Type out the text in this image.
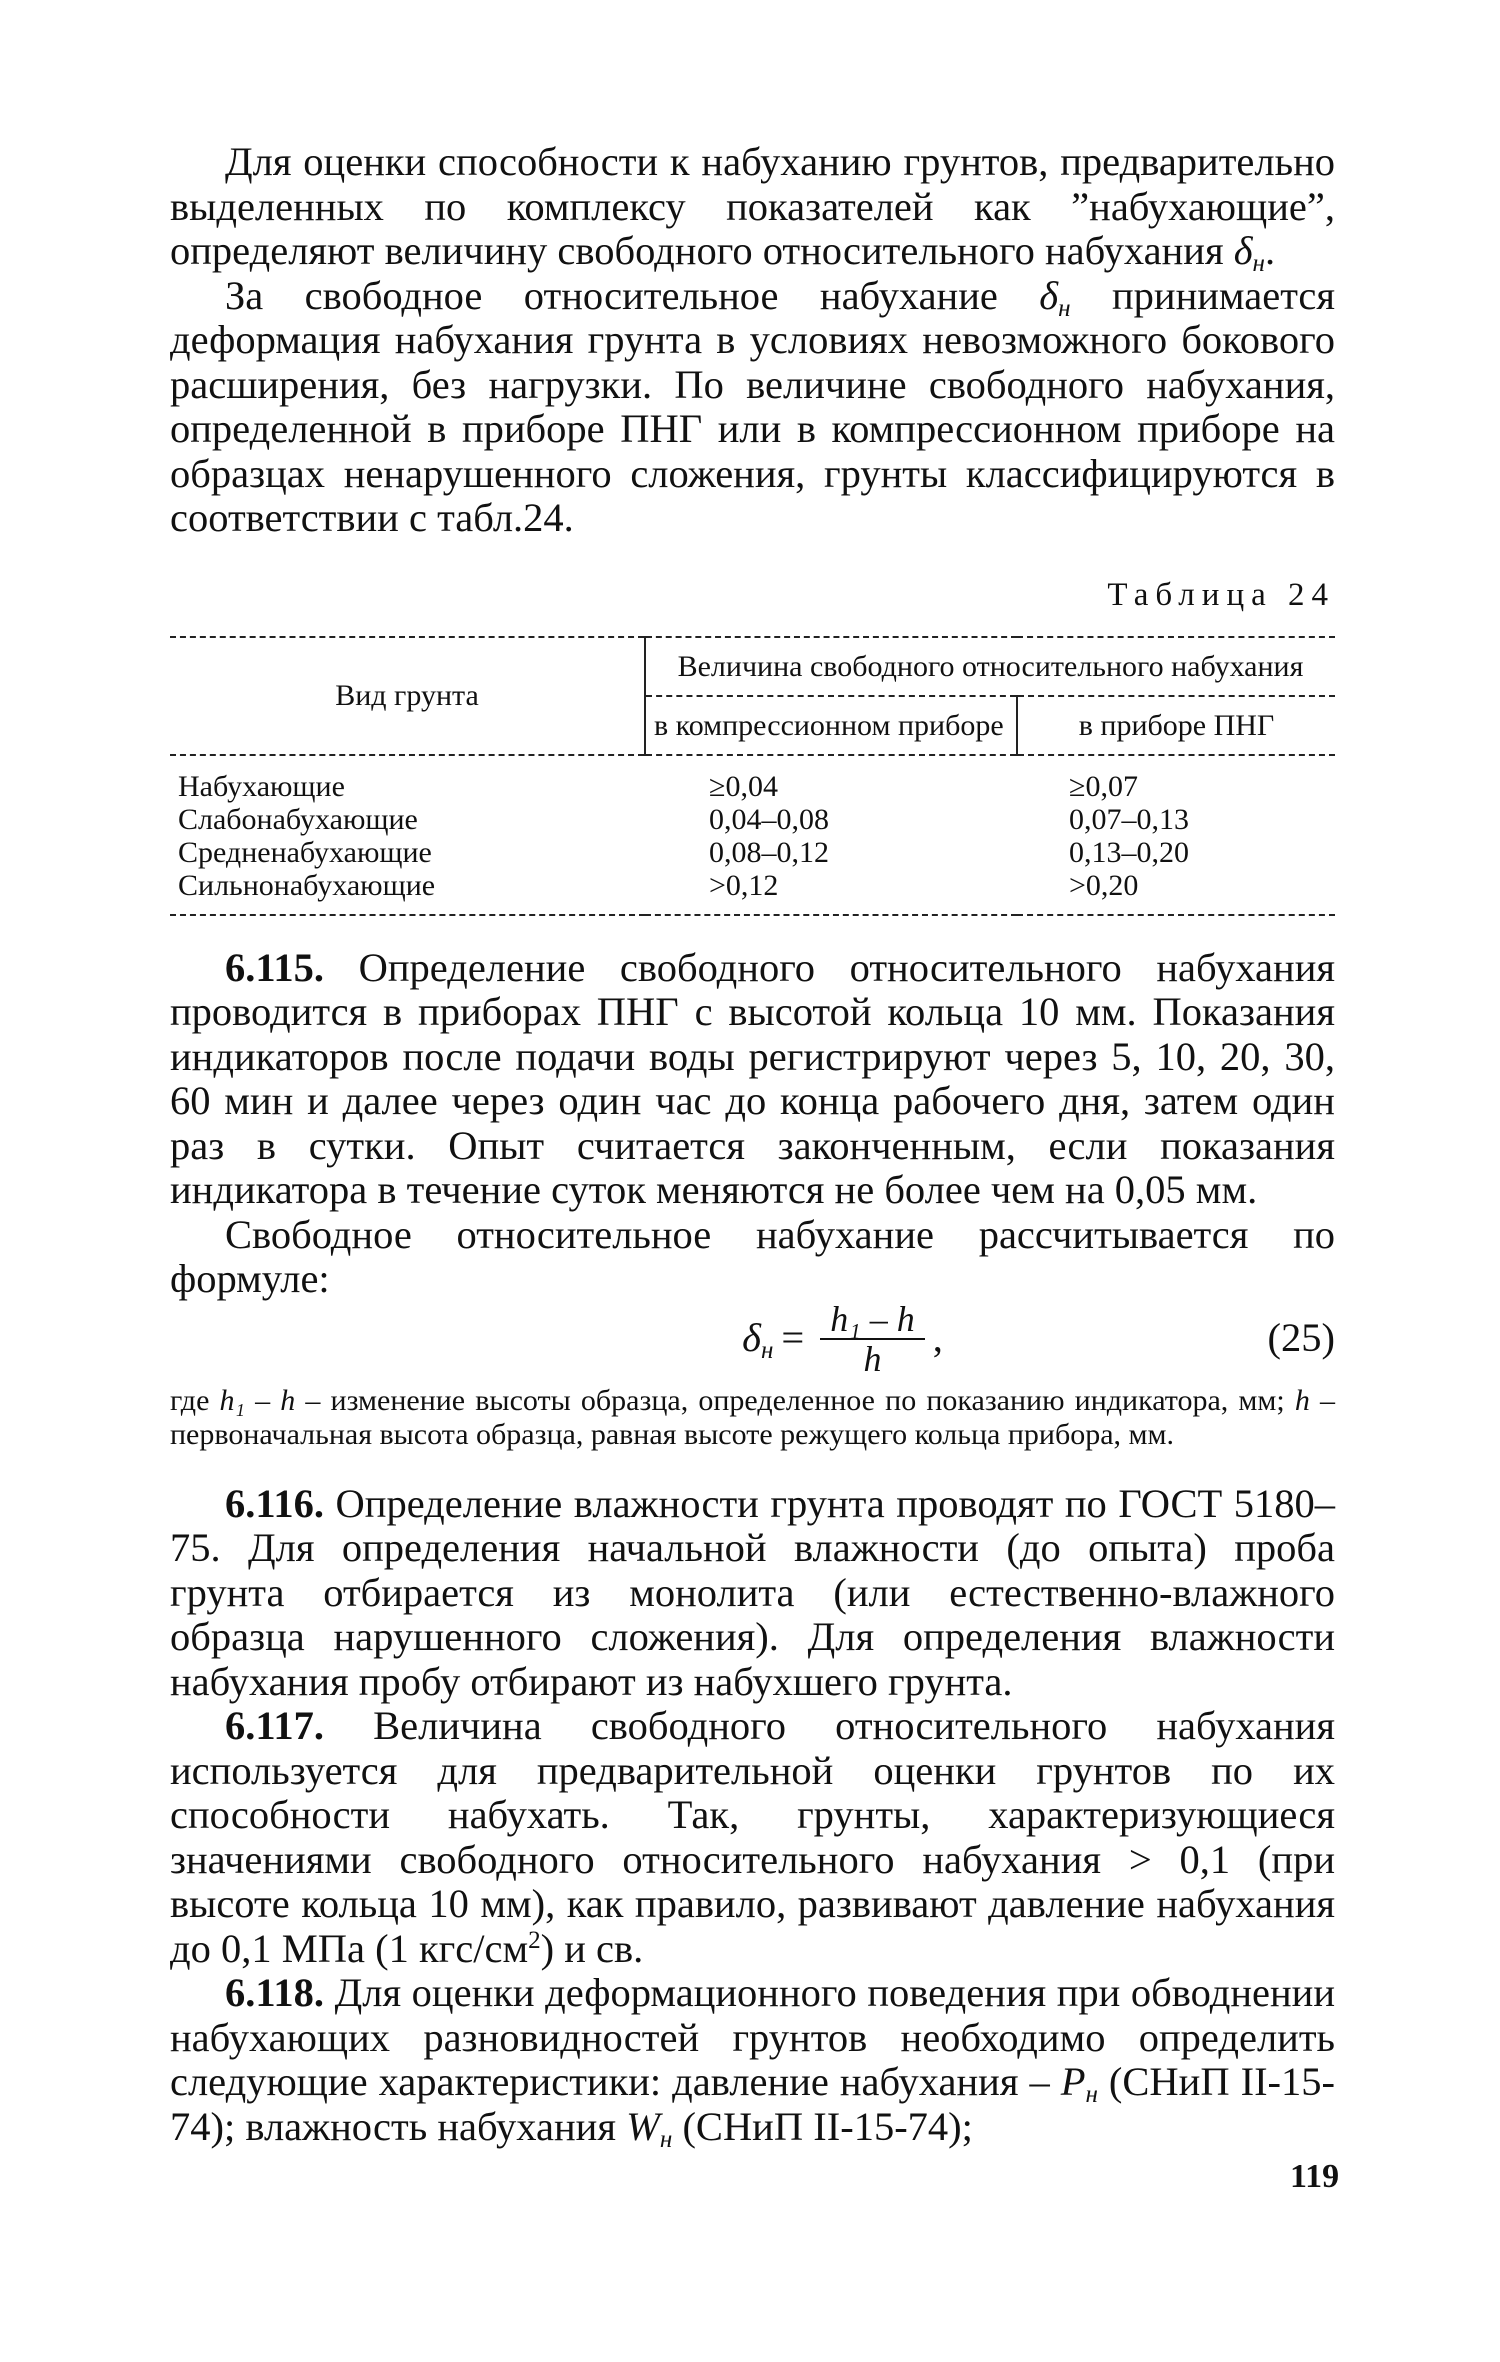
Для оценки способности к набуханию грунтов, предварительно выделенных по комплексу показателей как ”набухающие”, определяют величину свободного относительного набухания $\delta_н$.

За свободное относительное набухание $\delta_н$ принимается деформация набухания грунта в условиях невозможного бокового расширения, без нагрузки. По величине свободного набухания, определенной в приборе ПНГ или в компрессионном приборе на образцах ненарушенного сложения, грунты классифицируются в соответствии с табл.24.

Таблица 24
Вид грунта	Величина свободного относительного набухания	
	в компрессионном приборе	в приборе ПНГ
Набухающие	≥0,04	≥0,07
Слабонабухающие	0,04–0,08	0,07–0,13
Средненабухающие	0,08–0,12	0,13–0,20
Сильнонабухающие	>0,12	>0,20

6.115. Определение свободного относительного набухания проводится в приборах ПНГ с высотой кольца 10 мм. Показания индикаторов после подачи воды регистрируют через 5, 10, 20, 30, 60 мин и далее через один час до конца рабочего дня, затем один раз в сутки. Опыт считается законченным, если показания индикатора в течение суток меняются не более чем на 0,05 мм.

Свободное относительное набухание рассчитывается по формуле:

$\delta_н = \frac{\text{h₁ – h}}{h}$ ,	(25)

где h₁ – h – изменение высоты образца, определенное по показанию индикатора, мм; h – первоначальная высота образца, равная высоте режущего кольца прибора, мм.

6.116. Определение влажности грунта проводят по ГОСТ 5180–75. Для определения начальной влажности (до опыта) проба грунта отбирается из монолита (или естественно-влажного образца нарушенного сложения). Для определения влажности набухания пробу отбирают из набухшего грунта.

6.117. Величина свободного относительного набухания используется для предварительной оценки грунтов по их способности набухать. Так, грунты, характеризующиеся значениями свободного относительного набухания > 0,1 (при высоте кольца 10 мм), как правило, развивают давление набухания до 0,1 МПа (1 кгс/$см^2$) и св.

6.118. Для оценки деформационного поведения при обводнении набухающих разновидностей грунтов необходимо определить следующие характеристики: давление набухания – $P_н$ (СНиП II-15-74); влажность набухания $W_н$ (СНиП II-15-74);

119
